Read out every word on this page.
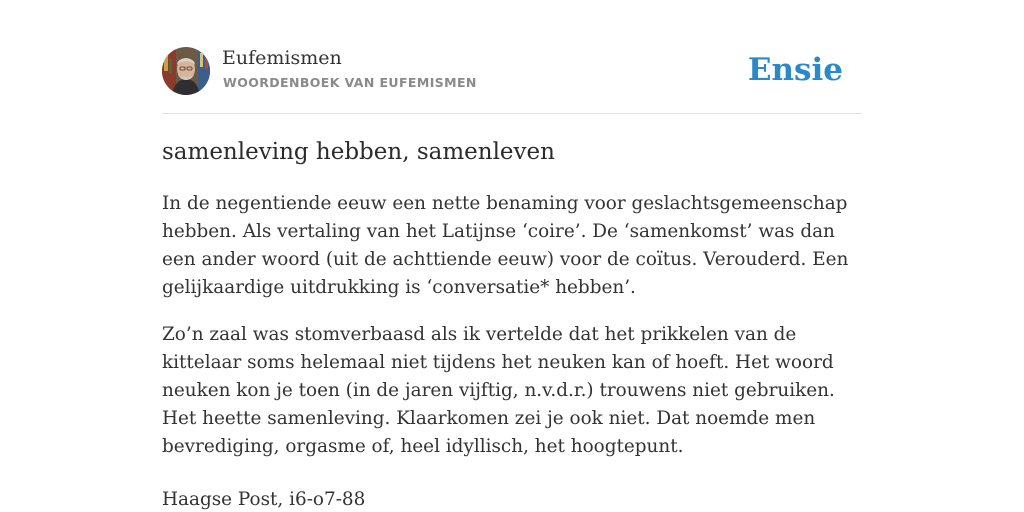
Eufemismen
WOORDENBOEK VAN EUFEMISMEN	Ensie
samenleving hebben, samenleven

In de negentiende eeuw een nette benaming voor geslachtsgemeenschap hebben. Als vertaling van het Latijnse ‘coire’. De ‘samenkomst’ was dan een ander woord (uit de achttiende eeuw) voor de coïtus. Verouderd. Een gelijkaardige uitdrukking is ‘conversatie* hebben’.

Zo’n zaal was stomverbaasd als ik vertelde dat het prikkelen van de kittelaar soms helemaal niet tijdens het neuken kan of hoeft. Het woord neuken kon je toen (in de jaren vijftig, n.v.d.r.) trouwens niet gebruiken. Het heette samenleving. Klaarkomen zei je ook niet. Dat noemde men bevrediging, orgasme of, heel idyllisch, het hoogtepunt.

Haagse Post, i6-o7-88
